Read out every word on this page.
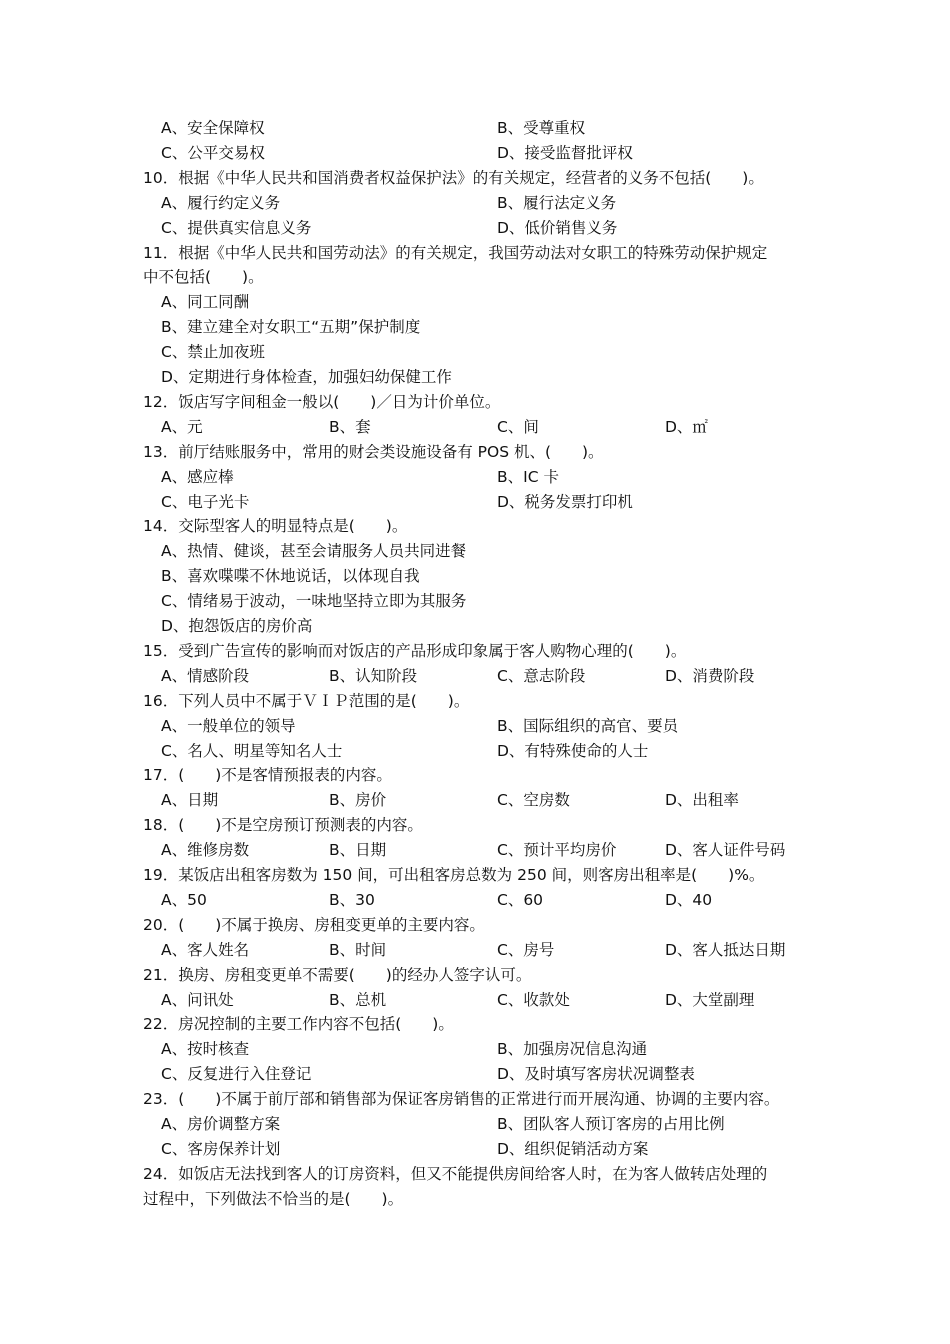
A、安全保障权	B、受尊重权
C、公平交易权	D、接受监督批评权
10．根据《中华人民共和国消费者权益保护法》的有关规定，经营者的义务不包括(　　)。
A、履行约定义务	B、履行法定义务
C、提供真实信息义务	D、低价销售义务
11．根据《中华人民共和国劳动法》的有关规定，我国劳动法对女职工的特殊劳动保护规定
中不包括(　　)。
A、同工同酬
B、建立建全对女职工“五期”保护制度
C、禁止加夜班
D、定期进行身体检查，加强妇幼保健工作
12．饭店写字间租金一般以(　　)／日为计价单位。
A、元	B、套	C、间	D、㎡
13．前厅结账服务中，常用的财会类设施设备有 POS 机、(　　)。
A、感应棒	B、IC 卡
C、电子光卡	D、税务发票打印机
14．交际型客人的明显特点是(　　)。
A、热情、健谈，甚至会请服务人员共同进餐
B、喜欢喋喋不休地说话，以体现自我
C、情绪易于波动，一味地坚持立即为其服务
D、抱怨饭店的房价高
15．受到广告宣传的影响而对饭店的产品形成印象属于客人购物心理的(　　)。
A、情感阶段	B、认知阶段	C、意志阶段	D、消费阶段
16．下列人员中不属于ＶＩＰ范围的是(　　)。
A、一般单位的领导	B、国际组织的高官、要员
C、名人、明星等知名人士	D、有特殊使命的人士
17．(　　)不是客情预报表的内容。
A、日期	B、房价	C、空房数	D、出租率
18．(　　)不是空房预订预测表的内容。
A、维修房数	B、日期	C、预计平均房价	D、客人证件号码
19．某饭店出租客房数为 150 间，可出租客房总数为 250 间，则客房出租率是(　　)%。
A、50	B、30	C、60	D、40
20．(　　)不属于换房、房租变更单的主要内容。
A、客人姓名	B、时间	C、房号	D、客人抵达日期
21．换房、房租变更单不需要(　　)的经办人签字认可。
A、问讯处	B、总机	C、收款处	D、大堂副理
22．房况控制的主要工作内容不包括(　　)。
A、按时核查	B、加强房况信息沟通
C、反复进行入住登记	D、及时填写客房状况调整表
23．(　　)不属于前厅部和销售部为保证客房销售的正常进行而开展沟通、协调的主要内容。
A、房价调整方案	B、团队客人预订客房的占用比例
C、客房保养计划	D、组织促销活动方案
24．如饭店无法找到客人的订房资料，但又不能提供房间给客人时，在为客人做转店处理的
过程中，下列做法不恰当的是(　　)。
